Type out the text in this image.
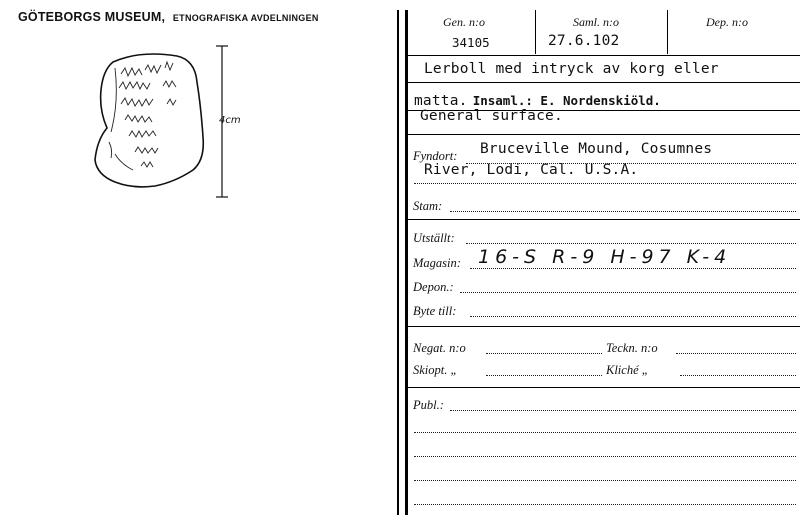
GÖTEBORGS MUSEUM, ETNOGRAFISKA AVDELNINGEN
4cm
Gen. n:o
34105
Saml. n:o
27.6.102
Dep. n:o
Lerboll med intryck av korg eller
matta. Insaml.: E. Nordenskiöld.
General surface.
Fyndort: Bruceville Mound, Cosumnes
River, Lodi, Cal. U.S.A.
Stam:
Utställt:
Magasin: 16-S R-9 H-97 K-4
Depon.:
Byte till:
Negat. n:o	Teckn. n:o
Skiopt. „	Kliché „
Publ.:
